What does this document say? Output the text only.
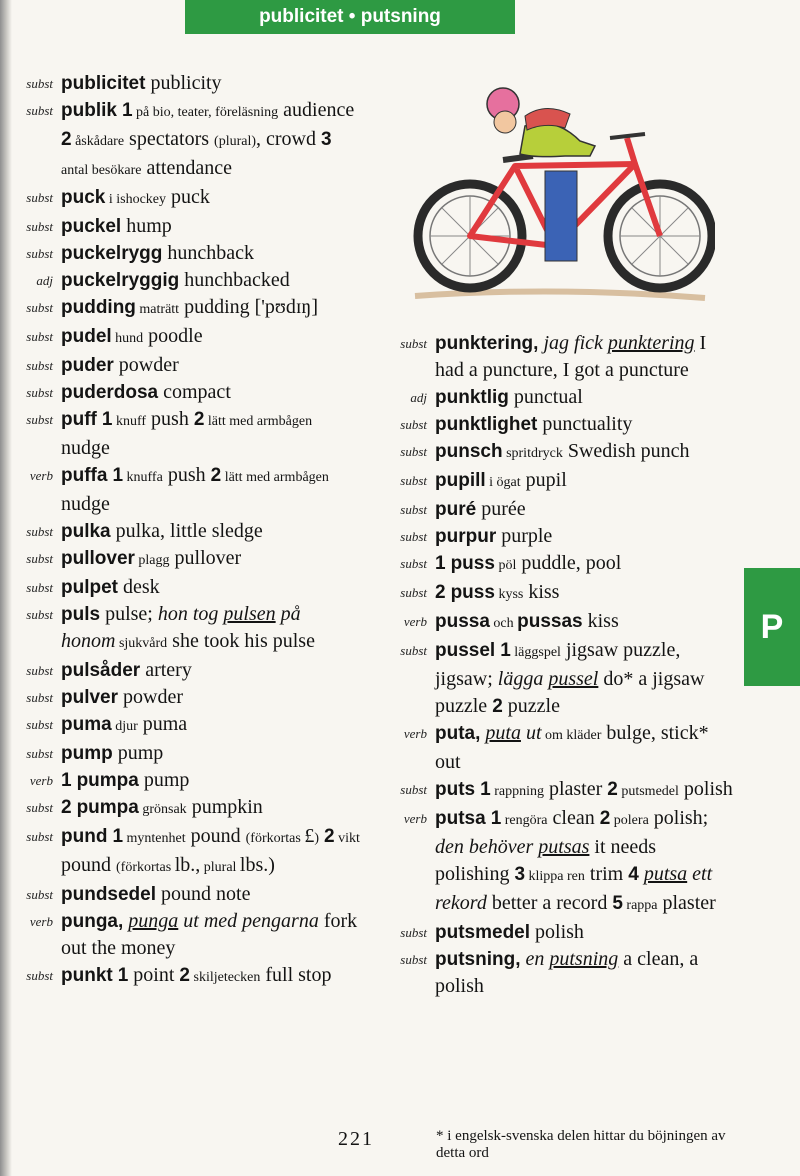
publicitet • putsning
P
subst publicitet publicity
subst publik 1 på bio, teater, föreläsning audience 2 åskådare spectators (plural), crowd 3 antal besökare attendance
subst puck i ishockey puck
subst puckel hump
subst puckelrygg hunchback
adj puckelryggig hunchbacked
subst pudding maträtt pudding ['pʊdɪŋ]
subst pudel hund poodle
subst puder powder
subst puderdosa compact
subst puff 1 knuff push 2 lätt med armbågen nudge
verb puffa 1 knuffa push 2 lätt med armbågen nudge
subst pulka pulka, little sledge
subst pullover plagg pullover
subst pulpet desk
subst puls pulse; hon tog pulsen på honom sjukvård she took his pulse
subst pulsåder artery
subst pulver powder
subst puma djur puma
subst pump pump
verb 1 pumpa pump
subst 2 pumpa grönsak pumpkin
subst pund 1 myntenhet pound (förkortas £) 2 vikt pound (förkortas lb., plural lbs.)
subst pundsedel pound note
verb punga, punga ut med pengarna fork out the money
subst punkt 1 point 2 skiljetecken full stop
subst punktering, jag fick punktering I had a puncture, I got a puncture
adj punktlig punctual
subst punktlighet punctuality
subst punsch spritdryck Swedish punch
subst pupill i ögat pupil
subst puré purée
subst purpur purple
subst 1 puss pöl puddle, pool
subst 2 puss kyss kiss
verb pussa och pussas kiss
subst pussel 1 läggspel jigsaw puzzle, jigsaw; lägga pussel do* a jigsaw puzzle 2 puzzle
verb puta, puta ut om kläder bulge, stick* out
subst puts 1 rappning plaster 2 putsmedel polish
verb putsa 1 rengöra clean 2 polera polish; den behöver putsas it needs polishing 3 klippa ren trim 4 putsa ett rekord better a record 5 rappa plaster
subst putsmedel polish
subst putsning, en putsning a clean, a polish
221	* i engelsk-svenska delen hittar du böjningen av detta ord
